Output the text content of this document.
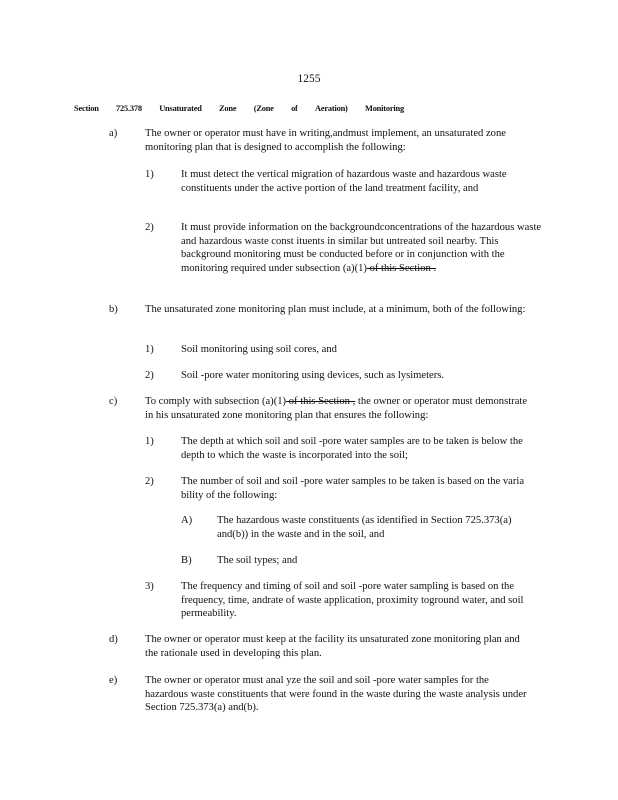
1255
Section 725.378 Unsaturated Zone (Zone of Aeration) Monitoring
a)	The owner or operator must have in writing,andmust implement, an unsaturated zone monitoring plan that is designed to accomplish the following:
1)	It must detect the vertical migration of hazardous waste and hazardous waste constituents under the active portion of the land treatment facility, and
2)	It must provide information on the backgroundconcentrations of the hazardous waste and hazardous waste const ituents in similar but untreated soil nearby. This background monitoring must be conducted before or in conjunction with the monitoring required under subsection (a)(1) of this Section .
b)	The unsaturated zone monitoring plan must include, at a minimum, both of the following:
1)	Soil monitoring using soil cores, and
2)	Soil -pore water monitoring using devices, such as lysimeters.
c)	To comply with subsection (a)(1) of this Section , the owner or operator must demonstrate in his unsaturated zone monitoring plan that ensures the following:
1)	The depth at which soil and soil -pore water samples are to be taken is below the depth to which the waste is incorporated into the soil;
2)	The number of soil and soil -pore water samples to be taken is based on the varia bility of the following:
A) The hazardous waste constituents (as identified in Section 725.373(a) and(b)) in the waste and in the soil, and
B) The soil types; and
3)	The frequency and timing of soil and soil -pore water sampling is based on the frequency, time, andrate of waste application, proximity toground water, and soil permeability.
d)	The owner or operator must keep at the facility its unsaturated zone monitoring plan and the rationale used in developing this plan.
e)	The owner or operator must anal yze the soil and soil -pore water samples for the hazardous waste constituents that were found in the waste during the waste analysis under Section 725.373(a) and(b).
